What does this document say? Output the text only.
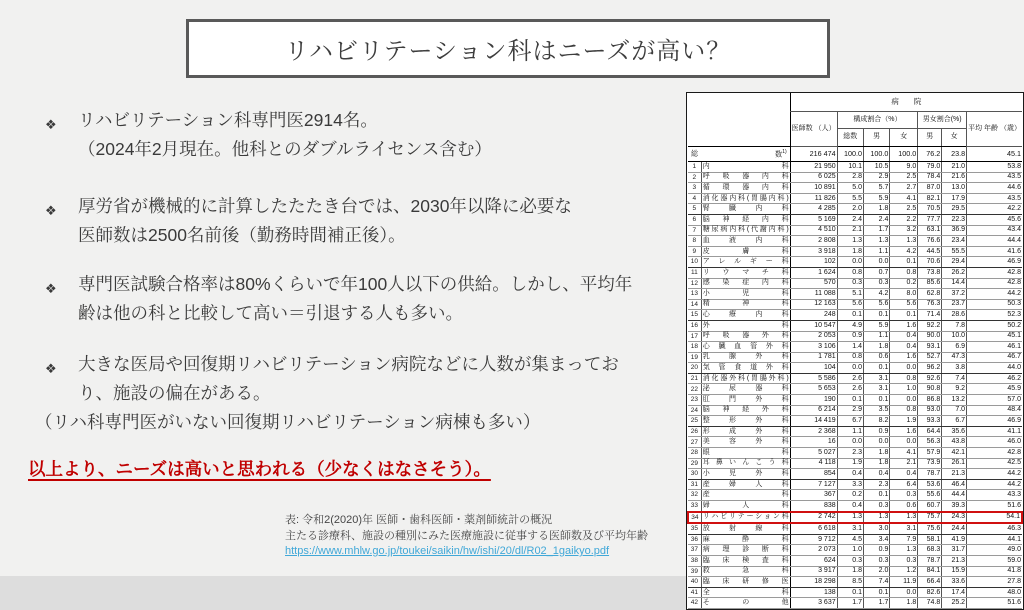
リハビリテーション科はニーズが高い？
❖ リハビリテーション科専門医2914名。
（2024年2月現在。他科とのダブルライセンス含む）
❖ 厚労省が機械的に計算したたたき台では、2030年以降に必要な
医師数は2500名前後（勤務時間補正後）。
❖ 専門医試験合格率は80%くらいで年100人以下の供給。しかし、平均年
齢は他の科と比較して高い＝引退する人も多い。
❖ 大きな医局や回復期リハビリテーション病院などに人数が集まってお
り、施設の偏在がある。
（リハ科専門医がいない回復期リハビリテーション病棟も多い）
以上より、ニーズは高いと思われる（少なくはなさそう）。
表: 令和2(2020)年 医師・歯科医師・薬剤師統計の概況
主たる診療科、施設の種別にみた医療施設に従事する医師数及び平均年齢
https://www.mhlw.go.jp/toukei/saikin/hw/ishi/20/dl/R02_1gaikyo.pdf
		病　　院						
		医師数 （人）	構成割合（%）			男女割合(%)		平均 年齢 （歳）
			総数	男	女	男	女	

総 数$^{1)}$		216 474	100.0	100.0	100.0	76.2	23.8	45.1
1	内科	21 950	10.1	10.5	9.0	79.0	21.0	53.8
2	呼吸器内科	6 025	2.8	2.9	2.5	78.4	21.6	43.5
3	循環器内科	10 891	5.0	5.7	2.7	87.0	13.0	44.6
4	消化器内科(胃腸内科)	11 826	5.5	5.9	4.1	82.1	17.9	43.5
5	腎臓内科	4 285	2.0	1.8	2.5	70.5	29.5	42.2
6	脳神経内科	5 169	2.4	2.4	2.2	77.7	22.3	45.6
7	糖尿病内科(代謝内科)	4 510	2.1	1.7	3.2	63.1	36.9	43.4
8	血液内科	2 808	1.3	1.3	1.3	76.6	23.4	44.4
9	皮膚科	3 918	1.8	1.1	4.2	44.5	55.5	41.6
10	アレルギー科	102	0.0	0.0	0.1	70.6	29.4	46.9
11	リウマチ科	1 624	0.8	0.7	0.8	73.8	26.2	42.8
12	感染症内科	570	0.3	0.3	0.2	85.6	14.4	42.8
13	小児科	11 088	5.1	4.2	8.0	62.8	37.2	44.2
14	精神科	12 163	5.6	5.6	5.6	76.3	23.7	50.3
15	心療内科	248	0.1	0.1	0.1	71.4	28.6	52.3
16	外科	10 547	4.9	5.9	1.6	92.2	7.8	50.2
17	呼吸器外科	2 053	0.9	1.1	0.4	90.0	10.0	45.1
18	心臓血管外科	3 106	1.4	1.8	0.4	93.1	6.9	46.1
19	乳腺外科	1 781	0.8	0.6	1.6	52.7	47.3	46.7
20	気管食道外科	104	0.0	0.1	0.0	96.2	3.8	44.0
21	消化器外科(胃腸外科)	5 586	2.6	3.1	0.8	92.6	7.4	46.2
22	泌尿器科	5 653	2.6	3.1	1.0	90.8	9.2	45.9
23	肛門外科	190	0.1	0.1	0.0	86.8	13.2	57.0
24	脳神経外科	6 214	2.9	3.5	0.8	93.0	7.0	48.4
25	整形外科	14 419	6.7	8.2	1.9	93.3	6.7	46.9
26	形成外科	2 368	1.1	0.9	1.6	64.4	35.6	41.1
27	美容外科	16	0.0	0.0	0.0	56.3	43.8	46.0
28	眼科	5 027	2.3	1.8	4.1	57.9	42.1	42.8
29	耳鼻いんこう科	4 118	1.9	1.8	2.1	73.9	26.1	42.5
30	小児外科	854	0.4	0.4	0.4	78.7	21.3	44.2
31	産婦人科	7 127	3.3	2.3	6.4	53.6	46.4	44.2
32	産科	367	0.2	0.1	0.3	55.6	44.4	43.3
33	婦人科	838	0.4	0.3	0.6	60.7	39.3	51.6
34	リハビリテーション科	2 742	1.3	1.3	1.3	75.7	24.3	54.1
35	放射線科	6 618	3.1	3.0	3.1	75.6	24.4	46.3
36	麻酔科	9 712	4.5	3.4	7.9	58.1	41.9	44.1
37	病理診断科	2 073	1.0	0.9	1.3	68.3	31.7	49.0
38	臨床検査科	624	0.3	0.3	0.3	78.7	21.3	59.0
39	救急科	3 917	1.8	2.0	1.2	84.1	15.9	41.8
40	臨床研修医	18 298	8.5	7.4	11.9	66.4	33.6	27.8
41	全科	138	0.1	0.1	0.0	82.6	17.4	48.0
42	その他	3 637	1.7	1.7	1.8	74.8	25.2	51.6
